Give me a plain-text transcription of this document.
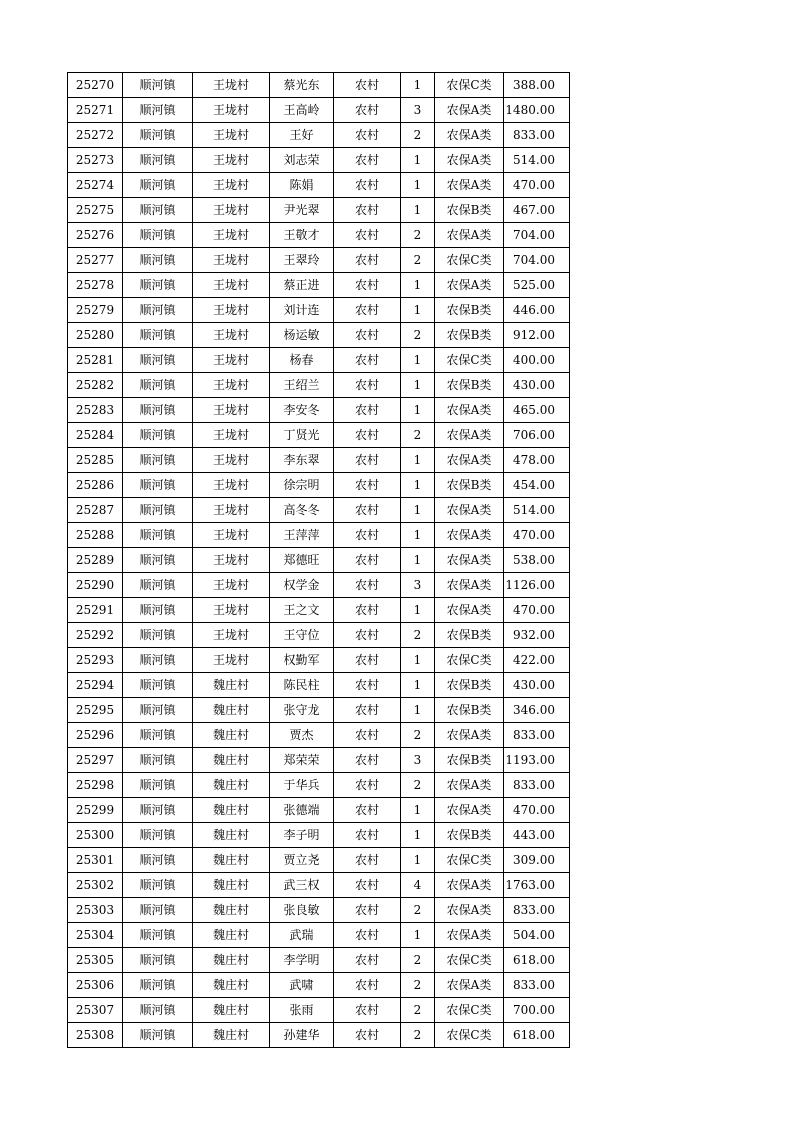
25270	顺河镇	王垅村	蔡光东	农村	1	农保C类	388.00
25271	顺河镇	王垅村	王高岭	农村	3	农保A类	1480.00
25272	顺河镇	王垅村	王好	农村	2	农保A类	833.00
25273	顺河镇	王垅村	刘志荣	农村	1	农保A类	514.00
25274	顺河镇	王垅村	陈娟	农村	1	农保A类	470.00
25275	顺河镇	王垅村	尹光翠	农村	1	农保B类	467.00
25276	顺河镇	王垅村	王敬才	农村	2	农保A类	704.00
25277	顺河镇	王垅村	王翠玲	农村	2	农保C类	704.00
25278	顺河镇	王垅村	蔡正进	农村	1	农保A类	525.00
25279	顺河镇	王垅村	刘计连	农村	1	农保B类	446.00
25280	顺河镇	王垅村	杨运敏	农村	2	农保B类	912.00
25281	顺河镇	王垅村	杨春	农村	1	农保C类	400.00
25282	顺河镇	王垅村	王绍兰	农村	1	农保B类	430.00
25283	顺河镇	王垅村	李安冬	农村	1	农保A类	465.00
25284	顺河镇	王垅村	丁贤光	农村	2	农保A类	706.00
25285	顺河镇	王垅村	李东翠	农村	1	农保A类	478.00
25286	顺河镇	王垅村	徐宗明	农村	1	农保B类	454.00
25287	顺河镇	王垅村	高冬冬	农村	1	农保A类	514.00
25288	顺河镇	王垅村	王萍萍	农村	1	农保A类	470.00
25289	顺河镇	王垅村	郑德旺	农村	1	农保A类	538.00
25290	顺河镇	王垅村	权学金	农村	3	农保A类	1126.00
25291	顺河镇	王垅村	王之文	农村	1	农保A类	470.00
25292	顺河镇	王垅村	王守位	农村	2	农保B类	932.00
25293	顺河镇	王垅村	权勤军	农村	1	农保C类	422.00
25294	顺河镇	魏庄村	陈民柱	农村	1	农保B类	430.00
25295	顺河镇	魏庄村	张守龙	农村	1	农保B类	346.00
25296	顺河镇	魏庄村	贾杰	农村	2	农保A类	833.00
25297	顺河镇	魏庄村	郑荣荣	农村	3	农保B类	1193.00
25298	顺河镇	魏庄村	于华兵	农村	2	农保A类	833.00
25299	顺河镇	魏庄村	张德端	农村	1	农保A类	470.00
25300	顺河镇	魏庄村	李子明	农村	1	农保B类	443.00
25301	顺河镇	魏庄村	贾立尧	农村	1	农保C类	309.00
25302	顺河镇	魏庄村	武三权	农村	4	农保A类	1763.00
25303	顺河镇	魏庄村	张良敏	农村	2	农保A类	833.00
25304	顺河镇	魏庄村	武瑞	农村	1	农保A类	504.00
25305	顺河镇	魏庄村	李学明	农村	2	农保C类	618.00
25306	顺河镇	魏庄村	武啸	农村	2	农保A类	833.00
25307	顺河镇	魏庄村	张雨	农村	2	农保C类	700.00
25308	顺河镇	魏庄村	孙建华	农村	2	农保C类	618.00
